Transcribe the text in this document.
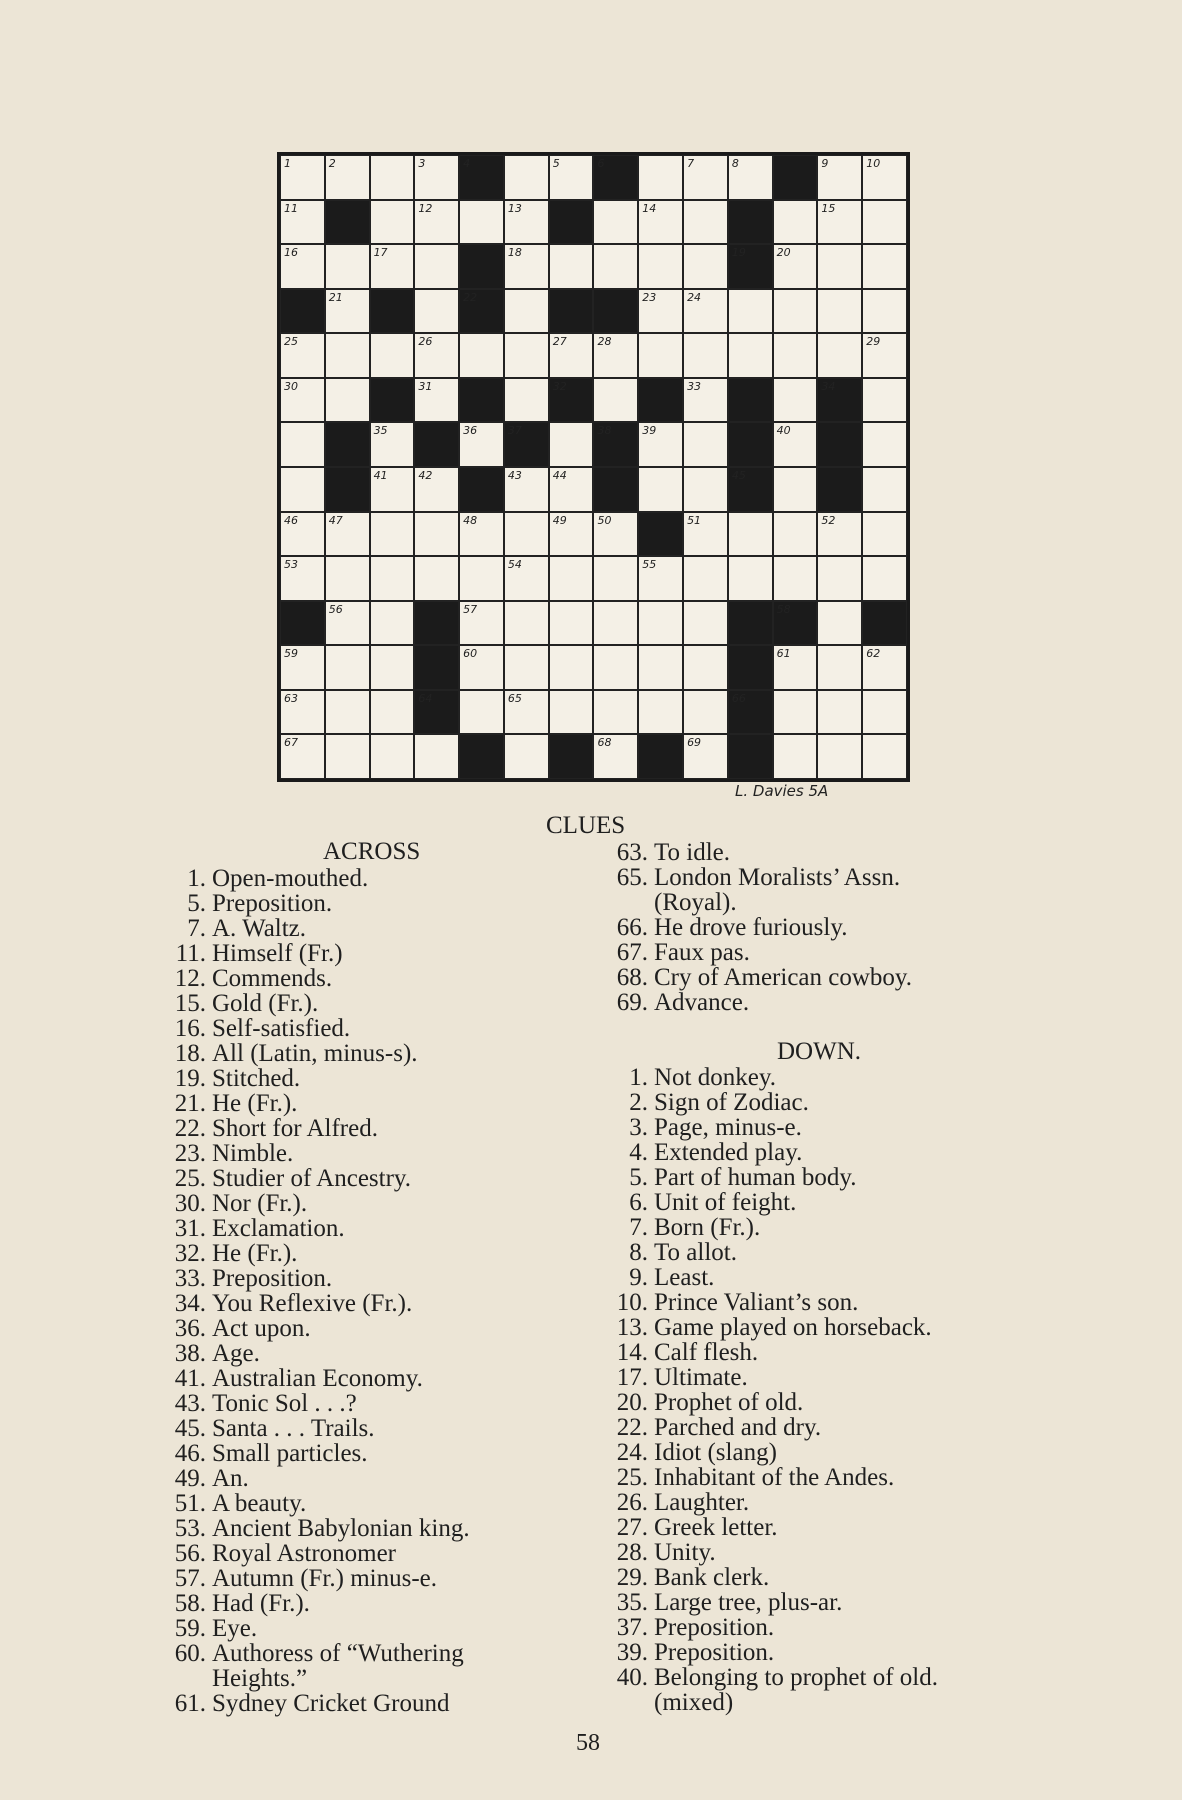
1	2	3	4	5	6	7	8	9	10
11	12	13	14	15
16	17	18	19	20
21	22	23	24
25	26	27	28	29
30	31	32	33	34
35	36	37	38	39	40
41	42	43	44	45
46	47	48	49	50	51	52
53	54	55
56	57	58
59	60	61	62
63	64	65	66
67	68	69
L. Davies 5A
CLUES
ACROSS
1. Open-mouthed.
5. Preposition.
7. A. Waltz.
11. Himself (Fr.)
12. Commends.
15. Gold (Fr.).
16. Self-satisfied.
18. All (Latin, minus-s).
19. Stitched.
21. He (Fr.).
22. Short for Alfred.
23. Nimble.
25. Studier of Ancestry.
30. Nor (Fr.).
31. Exclamation.
32. He (Fr.).
33. Preposition.
34. You Reflexive (Fr.).
36. Act upon.
38. Age.
41. Australian Economy.
43. Tonic Sol . . .?
45. Santa . . . Trails.
46. Small particles.
49. An.
51. A beauty.
53. Ancient Babylonian king.
56. Royal Astronomer
57. Autumn (Fr.) minus-e.
58. Had (Fr.).
59. Eye.
60. Authoress of “Wuthering
Heights.”
61. Sydney Cricket Ground
63. To idle.
65. London Moralists’ Assn.
(Royal).
66. He drove furiously.
67. Faux pas.
68. Cry of American cowboy.
69. Advance.
DOWN.
1. Not donkey.
2. Sign of Zodiac.
3. Page, minus-e.
4. Extended play.
5. Part of human body.
6. Unit of feight.
7. Born (Fr.).
8. To allot.
9. Least.
10. Prince Valiant’s son.
13. Game played on horseback.
14. Calf flesh.
17. Ultimate.
20. Prophet of old.
22. Parched and dry.
24. Idiot (slang)
25. Inhabitant of the Andes.
26. Laughter.
27. Greek letter.
28. Unity.
29. Bank clerk.
35. Large tree, plus-ar.
37. Preposition.
39. Preposition.
40. Belonging to prophet of old.
(mixed)
58
